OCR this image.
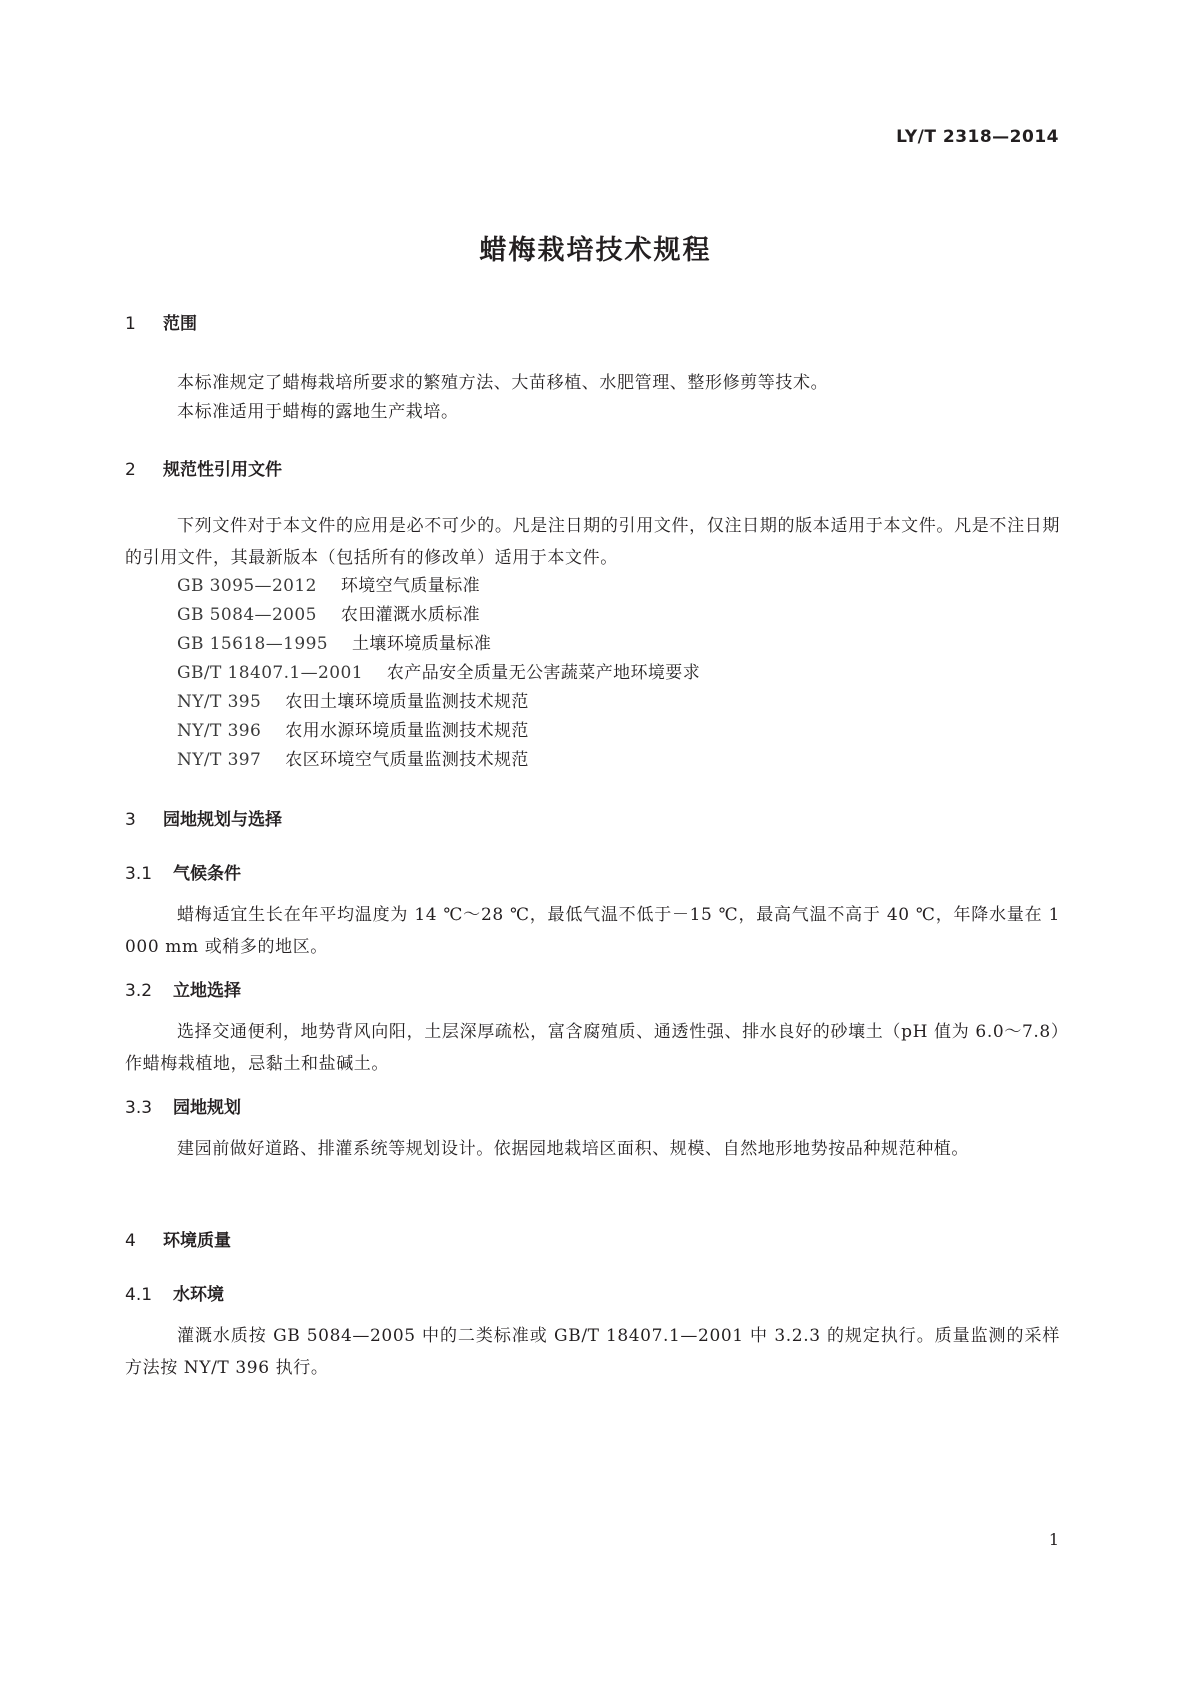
LY/T 2318—2014
蜡梅栽培技术规程
1 范围
本标准规定了蜡梅栽培所要求的繁殖方法、大苗移植、水肥管理、整形修剪等技术。
本标准适用于蜡梅的露地生产栽培。
2 规范性引用文件
下列文件对于本文件的应用是必不可少的。凡是注日期的引用文件，仅注日期的版本适用于本文件。凡是不注日期的引用文件，其最新版本（包括所有的修改单）适用于本文件。
GB 3095—2012 环境空气质量标准
GB 5084—2005 农田灌溉水质标准
GB 15618—1995 土壤环境质量标准
GB/T 18407.1—2001 农产品安全质量无公害蔬菜产地环境要求
NY/T 395 农田土壤环境质量监测技术规范
NY/T 396 农用水源环境质量监测技术规范
NY/T 397 农区环境空气质量监测技术规范
3 园地规划与选择
3.1 气候条件
蜡梅适宜生长在年平均温度为 14 ℃～28 ℃，最低气温不低于－15 ℃，最高气温不高于 40 ℃，年降水量在 1 000 mm 或稍多的地区。
3.2 立地选择
选择交通便利，地势背风向阳，土层深厚疏松，富含腐殖质、通透性强、排水良好的砂壤土（pH 值为 6.0～7.8）作蜡梅栽植地，忌黏土和盐碱土。
3.3 园地规划
建园前做好道路、排灌系统等规划设计。依据园地栽培区面积、规模、自然地形地势按品种规范种植。
4 环境质量
4.1 水环境
灌溉水质按 GB 5084—2005 中的二类标准或 GB/T 18407.1—2001 中 3.2.3 的规定执行。质量监测的采样方法按 NY/T 396 执行。
1
